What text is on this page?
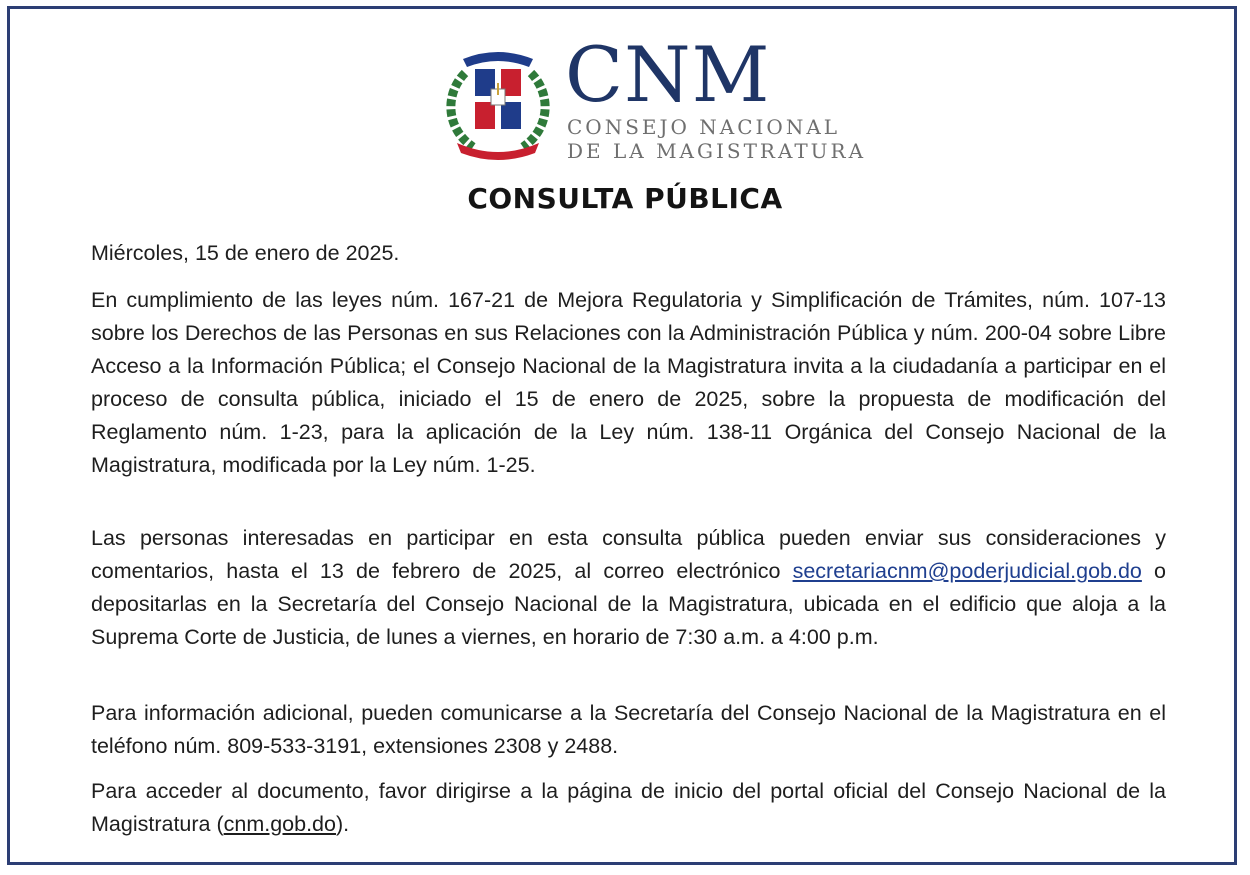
CNM
CONSEJO NACIONAL
DE LA MAGISTRATURA
CONSULTA PÚBLICA
Miércoles, 15 de enero de 2025.
En cumplimiento de las leyes núm. 167-21 de Mejora Regulatoria y Simplificación de Trámites, núm. 107-13 sobre los Derechos de las Personas en sus Relaciones con la Administración Pública y núm. 200-04 sobre Libre Acceso a la Información Pública; el Consejo Nacional de la Magistratura invita a la ciudadanía a participar en el proceso de consulta pública, iniciado el 15 de enero de 2025, sobre la propuesta de modificación del Reglamento núm. 1-23, para la aplicación de la Ley núm. 138-11 Orgánica del Consejo Nacional de la Magistratura, modificada por la Ley núm. 1-25.
Las personas interesadas en participar en esta consulta pública pueden enviar sus consideraciones y comentarios, hasta el 13 de febrero de 2025, al correo electrónico secretariacnm@poderjudicial.gob.do o depositarlas en la Secretaría del Consejo Nacional de la Magistratura, ubicada en el edificio que aloja a la Suprema Corte de Justicia, de lunes a viernes, en horario de 7:30 a.m. a 4:00 p.m.
Para información adicional, pueden comunicarse a la Secretaría del Consejo Nacional de la Magistratura en el teléfono núm. 809-533-3191, extensiones 2308 y 2488.
Para acceder al documento, favor dirigirse a la página de inicio del portal oficial del Consejo Nacional de la Magistratura (cnm.gob.do).
